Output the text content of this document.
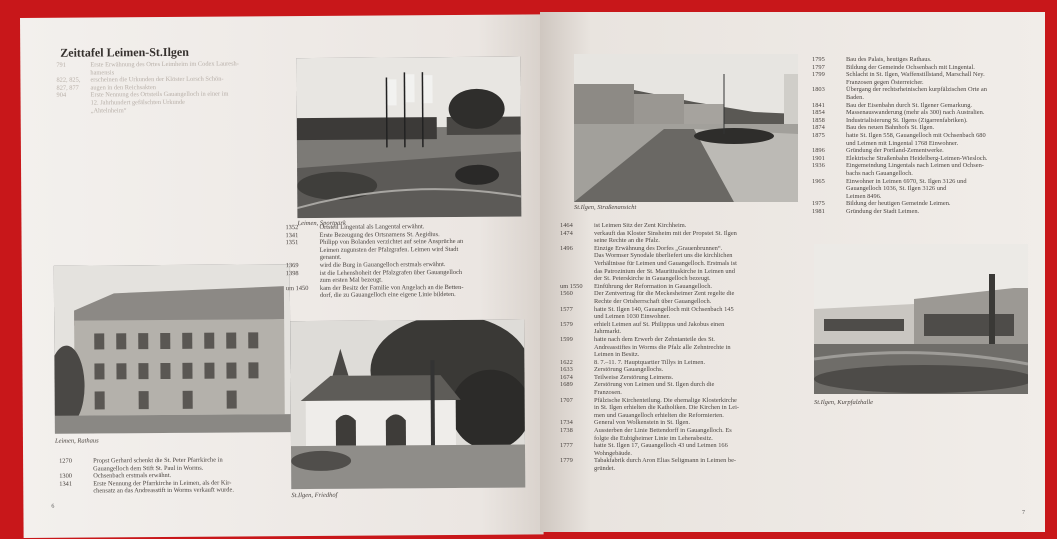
Zeittafel Leimen-St.Ilgen
791	Erste Erwähnung des Ortes Leimheim im Codex Lauresh-
hamensis
822, 825,	erscheinen die Urkunden der Klöster Lorsch Schön-
827, 877	augen in den Reichsakten
904	Erste Nennung des Ortsteils Gauangelloch in einer im
12. Jahrhundert gefälschten Urkunde
„Ahtelnheim“
Leimen, Sportpark
Leimen, Rathaus
1352	Ortsteil Lingental als Langental erwähnt.
1341	Erste Bezeugung des Ortsnamens St. Aegidius.
1351	Philipp von Bolanden verzichtet auf seine Ansprüche an
Leimen zugunsten der Pfalzgrafen. Leimen wird Stadt
genannt.
1369	wird die Burg in Gauangelloch erstmals erwähnt.
1398	ist die Lehenshoheit der Pfalzgrafen über Gauangelloch
zum ersten Mal bezeugt.
um 1450	kam der Besitz der Familie von Angelach an die Betten-
dorf, die zu Gauangelloch eine eigene Linie bildeten.
St.Ilgen, Friedhof
1270	Propst Gerhard schenkt die St. Peter Pfarrkirche in
Gauangelloch dem Stift St. Paul in Worms.
1300	Ochsenbach erstmals erwähnt.
1341	Erste Nennung der Pfarrkirche in Leimen, als der Kir-
chensatz an das Andreasstift in Worms verkauft wurde.
6
St.Ilgen, Straßenansicht
1795	Bau des Palais, heutiges Rathaus.
1797	Bildung der Gemeinde Ochsenbach mit Lingental.
1799	Schlacht in St. Ilgen, Waffenstillstand, Marschall Ney.
Franzosen gegen Österreicher.
1803	Übergang der rechtsrheinischen kurpfälzischen Orte an
Baden.
1841	Bau der Eisenbahn durch St. Ilgener Gemarkung.
1854	Massenauswanderung (mehr als 300) nach Australien.
1858	Industrialisierung St. Ilgens (Zigarrenfabriken).
1874	Bau des neuen Bahnhofs St. Ilgen.
1875	hatte St. Ilgen 558, Gauangelloch mit Ochsenbach 680
und Leimen mit Lingental 1768 Einwohner.
1896	Gründung der Portland-Zementwerke.
1901	Elektrische Straßenbahn Heidelberg-Leimen-Wiesloch.
1936	Eingemeindung Lingentals nach Leimen und Ochsen-
bachs nach Gauangelloch.
1965	Einwohner in Leimen 6970, St. Ilgen 3126 und
Gauangelloch 1036, St. Ilgen 3126 und
Leimen 8496.
1975	Bildung der heutigen Gemeinde Leimen.
1981	Gründung der Stadt Leimen.
1464	ist Leimen Sitz der Zent Kirchheim.
1474	verkauft das Kloster Sinsheim mit der Propstei St. Ilgen
seine Rechte an die Pfalz.
1496	Einzige Erwähnung des Dorfes „Grauenbrunnen“.
Das Wormser Synodale überliefert uns die kirchlichen
Verhältnisse für Leimen und Gauangelloch. Erstmals ist
das Patrozinium der St. Mauritiuskirche in Leimen und
der St. Peterskirche in Gauangelloch bezeugt.
um 1550	Einführung der Reformation in Gauangelloch.
1560	Der Zentvertrag für die Meckesheimer Zent regelte die
Rechte der Ortsherrschaft über Gauangelloch.
1577	hatte St. Ilgen 140, Gauangelloch mit Ochsenbach 145
und Leimen 1030 Einwohner.
1579	erhielt Leimen auf St. Philippus und Jakobus einen
Jahrmarkt.
1599	hatte nach dem Erwerb der Zehntanteile des St.
Andreasstiftes in Worms die Pfalz alle Zehntrechte in
Leimen in Besitz.
1622	8. 7.–11. 7. Hauptquartier Tillys in Leimen.
1633	Zerstörung Gauangellochs.
1674	Teilweise Zerstörung Leimens.
1689	Zerstörung von Leimen und St. Ilgen durch die
Franzosen.
1707	Pfälzische Kirchenteilung. Die ehemalige Klosterkirche
in St. Ilgen erhielten die Katholiken. Die Kirchen in Lei-
men und Gauangelloch erhielten die Reformierten.
1734	General von Wolkenstein in St. Ilgen.
1738	Aussterben der Linie Bettendorff in Gauangelloch. Es
folgte die Eubigheimer Linie im Lehensbesitz.
1777	hatte St. Ilgen 17, Gauangelloch 43 und Leimen 166
Wohngebäude.
1779	Tabakfabrik durch Aron Elias Seligmann in Leimen be-
gründet.
St.Ilgen, Kurpfalzhalle
7
